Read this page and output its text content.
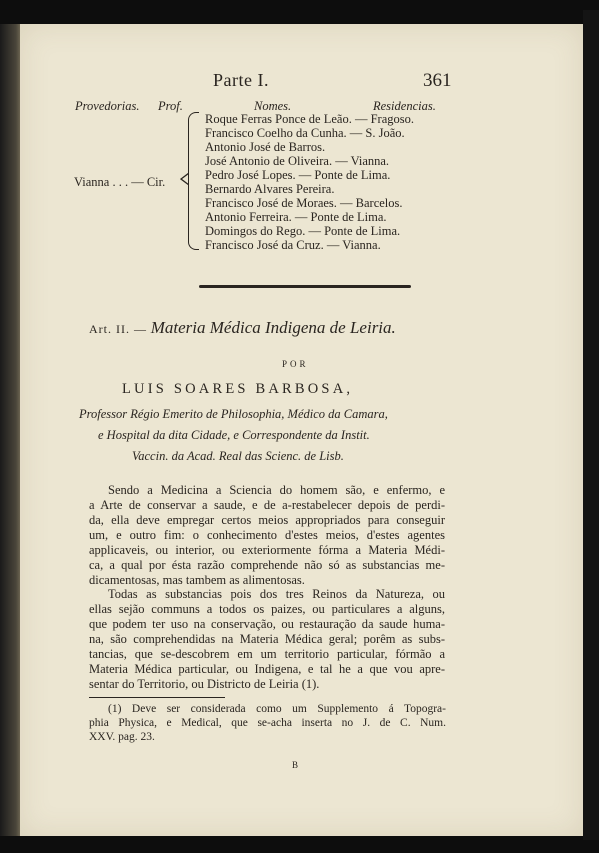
Parte I.	361
Provedorias. Prof.	Nomes.	Residencias.
Vianna . . . — Cir.
Roque Ferras Ponce de Leão. — Fragoso.
Francisco Coelho da Cunha. — S. João.
Antonio José de Barros.
José Antonio de Oliveira. — Vianna.
Pedro José Lopes. — Ponte de Lima.
Bernardo Alvares Pereira.
Francisco José de Moraes. — Barcelos.
Antonio Ferreira. — Ponte de Lima.
Domingos do Rego. — Ponte de Lima.
Francisco José da Cruz. — Vianna.
Art. II. — Materia Médica Indigena de Leiria.
POR
LUIS SOARES BARBOSA,
Professor Régio Emerito de Philosophia, Médico da Camara,
e Hospital da dita Cidade, e Correspondente da Instit.
Vaccin. da Acad. Real das Scienc. de Lisb.
Sendo a Medicina a Sciencia do homem são, e enfermo, e
a Arte de conservar a saude, e de a-restabelecer depois de perdi-
da, ella deve empregar certos meios appropriados para conseguir
um, e outro fim: o conhecimento d'estes meios, d'estes agentes
applicaveis, ou interior, ou exteriormente fórma a Materia Médi-
ca, a qual por ésta razão comprehende não só as substancias me-
dicamentosas, mas tambem as alimentosas.
Todas as substancias pois dos tres Reinos da Natureza, ou
ellas sejão communs a todos os paizes, ou particulares a alguns,
que podem ter uso na conservação, ou restauração da saude huma-
na, são comprehendidas na Materia Médica geral; porêm as subs-
tancias, que se-descobrem em um territorio particular, fórmão a
Materia Médica particular, ou Indigena, e tal he a que vou apre-
sentar do Territorio, ou Districto de Leiria (1).
(1) Deve ser considerada como um Supplemento á Topogra-
phia Physica, e Medical, que se-acha inserta no J. de C. Num.
XXV. pag. 23.
B
